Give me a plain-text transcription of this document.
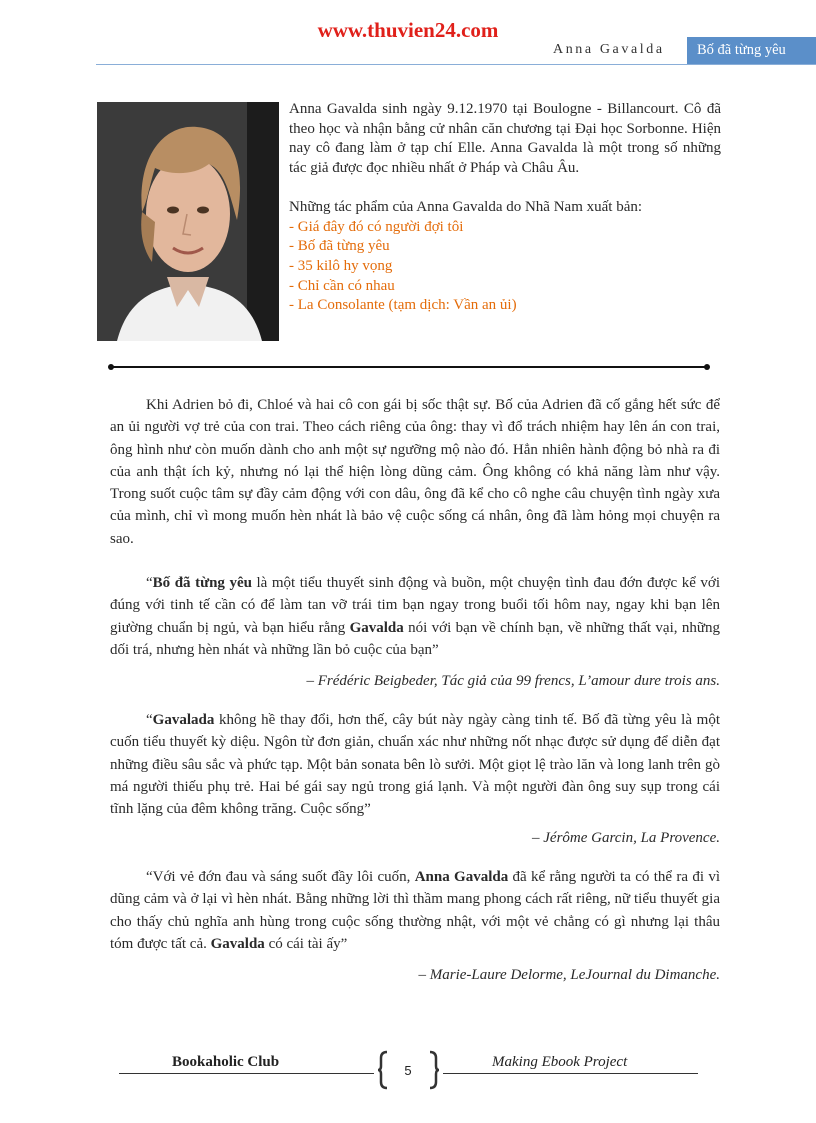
www.thuvien24.com
Anna Gavalda	Bố đã từng yêu

Anna Gavalda sinh ngày 9.12.1970 tại Boulogne - Billancourt. Cô đã theo học và nhận bằng cử nhân căn chương tại Đại học Sorbonne. Hiện nay cô đang làm ở tạp chí Elle. Anna Gavalda là một trong số những tác giả được đọc nhiều nhất ở Pháp và Châu Âu.

Những tác phẩm của Anna Gavalda do Nhã Nam xuất bản:

- Giá đây đó có người đợi tôi
- Bố đã từng yêu
- 35 kilô hy vọng
- Chỉ cần có nhau
- La Consolante (tạm dịch: Vần an ủi)

Khi Adrien bỏ đi, Chloé và hai cô con gái bị sốc thật sự. Bố của Adrien đã cố gắng hết sức để an ủi người vợ trẻ của con trai. Theo cách riêng của ông: thay vì đổ trách nhiệm hay lên án con trai, ông hình như còn muốn dành cho anh một sự ngưỡng mộ nào đó. Hẳn nhiên hành động bỏ nhà ra đi của anh thật ích kỷ, nhưng nó lại thể hiện lòng dũng cảm. Ông không có khả năng làm như vậy. Trong suốt cuộc tâm sự đầy cảm động với con dâu, ông đã kể cho cô nghe câu chuyện tình ngày xưa của mình, chỉ vì mong muốn hèn nhát là bảo vệ cuộc sống cá nhân, ông đã làm hỏng mọi chuyện ra sao.

“Bố đã từng yêu là một tiểu thuyết sinh động và buồn, một chuyện tình đau đớn được kể với đúng với tinh tế cần có để làm tan vỡ trái tim bạn ngay trong buổi tối hôm nay, ngay khi bạn lên giường chuẩn bị ngủ, và bạn hiểu rằng Gavalda nói với bạn về chính bạn, về những thất vại, những dối trá, nhưng hèn nhát và những lần bỏ cuộc của bạn”

– Frédéric Beigbeder, Tác giả của 99 frencs, L’amour dure trois ans.

“Gavalada không hề thay đổi, hơn thế, cây bút này ngày càng tinh tế. Bố đã từng yêu là một cuốn tiểu thuyết kỳ diệu. Ngôn từ đơn giản, chuẩn xác như những nốt nhạc được sử dụng để diễn đạt những điều sâu sắc và phức tạp. Một bản sonata bên lò sưởi. Một giọt lệ trào lăn và long lanh trên gò má người thiếu phụ trẻ. Hai bé gái say ngủ trong giá lạnh. Và một người đàn ông suy sụp trong cái tĩnh lặng của đêm không trăng. Cuộc sống”

– Jérôme Garcin, La Provence.

“Với vẻ đớn đau và sáng suốt đầy lôi cuốn, Anna Gavalda đã kể rằng người ta có thể ra đi vì dũng cảm và ở lại vì hèn nhát. Bằng những lời thì thầm mang phong cách rất riêng, nữ tiểu thuyết gia cho thấy chủ nghĩa anh hùng trong cuộc sống thường nhật, với một vẻ chẳng có gì nhưng lại thâu tóm được tất cả. Gavalda có cái tài ấy”

– Marie-Laure Delorme, LeJournal du Dimanche.
Bookaholic Club
5
Making Ebook Project
